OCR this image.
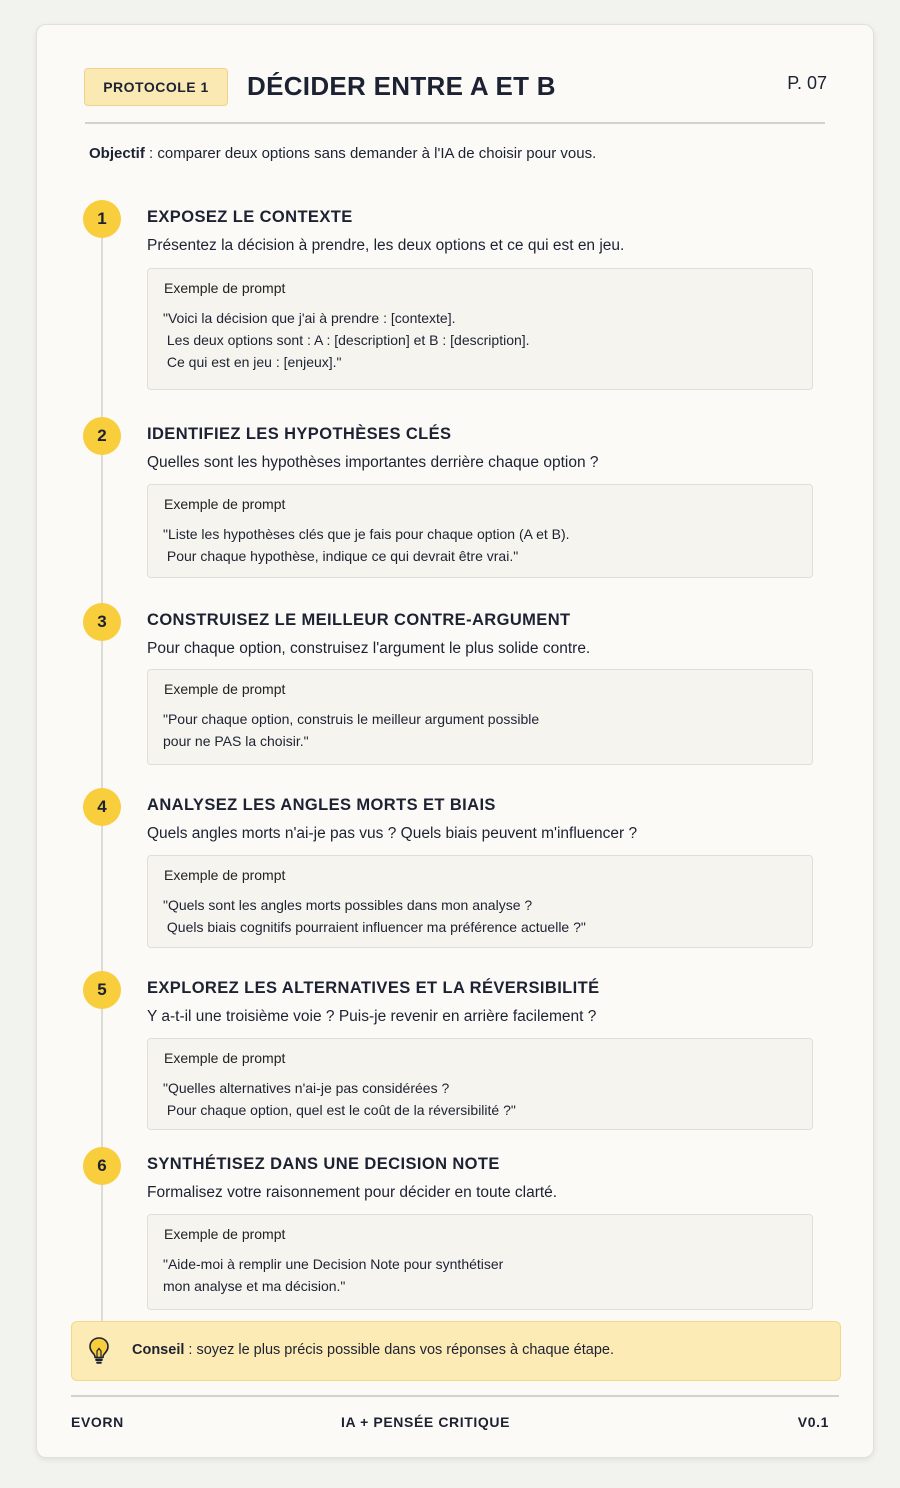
PROTOCOLE 1	DÉCIDER ENTRE A ET B	P. 07
Objectif : comparer deux options sans demander à l'IA de choisir pour vous.
1	EXPOSEZ LE CONTEXTE
Présentez la décision à prendre, les deux options et ce qui est en jeu.
Exemple de prompt
"Voici la décision que j'ai à prendre : [contexte].
Les deux options sont : A : [description] et B : [description].
Ce qui est en jeu : [enjeux]."
2	IDENTIFIEZ LES HYPOTHÈSES CLÉS
Quelles sont les hypothèses importantes derrière chaque option ?
Exemple de prompt
"Liste les hypothèses clés que je fais pour chaque option (A et B).
Pour chaque hypothèse, indique ce qui devrait être vrai."
3	CONSTRUISEZ LE MEILLEUR CONTRE-ARGUMENT
Pour chaque option, construisez l'argument le plus solide contre.
Exemple de prompt
"Pour chaque option, construis le meilleur argument possible
pour ne PAS la choisir."
4	ANALYSEZ LES ANGLES MORTS ET BIAIS
Quels angles morts n'ai-je pas vus ? Quels biais peuvent m'influencer ?
Exemple de prompt
"Quels sont les angles morts possibles dans mon analyse ?
Quels biais cognitifs pourraient influencer ma préférence actuelle ?"
5	EXPLOREZ LES ALTERNATIVES ET LA RÉVERSIBILITÉ
Y a-t-il une troisième voie ? Puis-je revenir en arrière facilement ?
Exemple de prompt
"Quelles alternatives n'ai-je pas considérées ?
Pour chaque option, quel est le coût de la réversibilité ?"
6	SYNTHÉTISEZ DANS UNE DECISION NOTE
Formalisez votre raisonnement pour décider en toute clarté.
Exemple de prompt
"Aide-moi à remplir une Decision Note pour synthétiser
mon analyse et ma décision."
Conseil : soyez le plus précis possible dans vos réponses à chaque étape.
EVORN	IA + PENSÉE CRITIQUE	V0.1
